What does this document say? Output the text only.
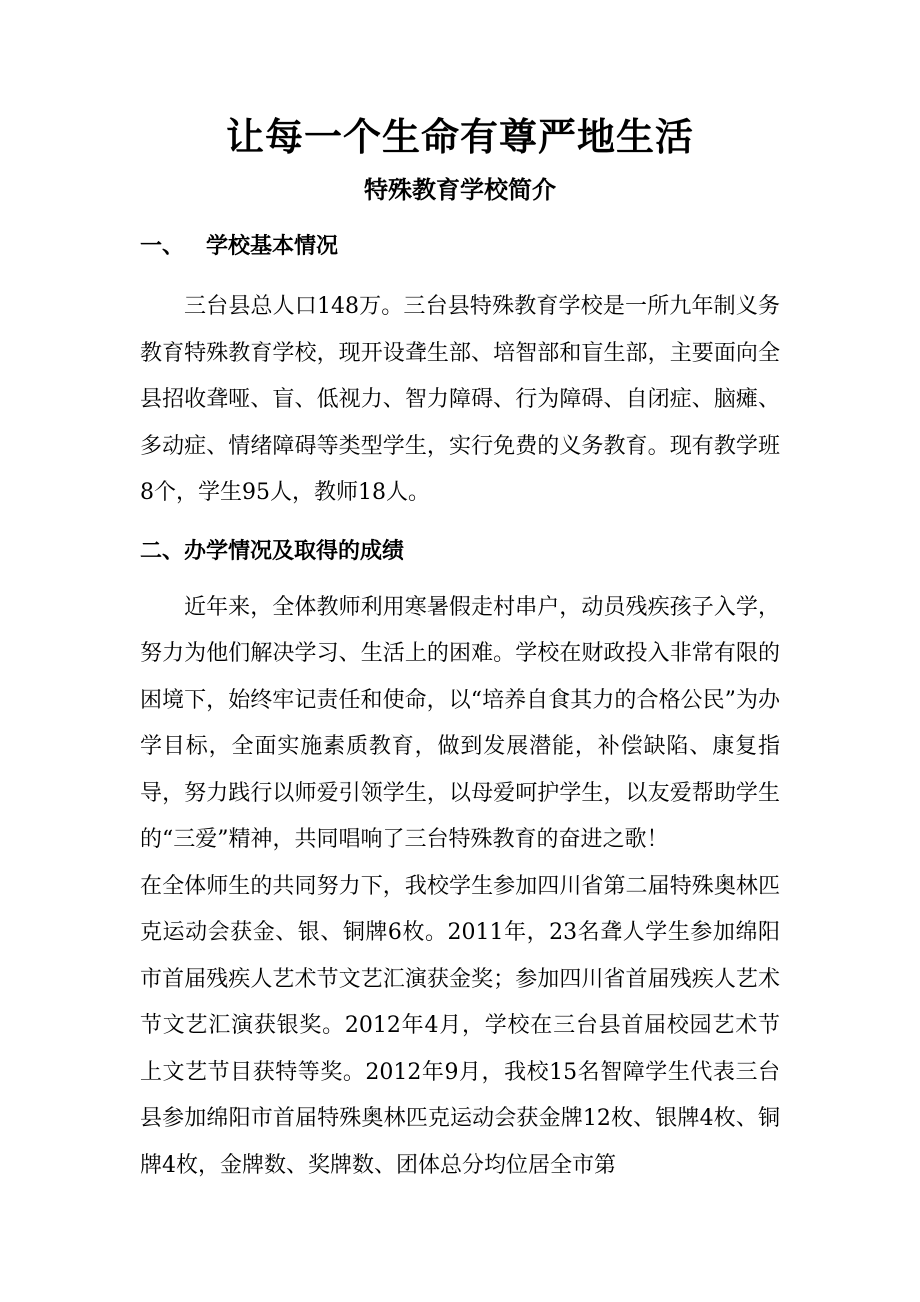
让每一个生命有尊严地生活
特殊教育学校简介
一、 学校基本情况

三台县总人口148万。三台县特殊教育学校是一所九年制义务教育特殊教育学校，现开设聋生部、培智部和盲生部，主要面向全县招收聋哑、盲、低视力、智力障碍、行为障碍、自闭症、脑瘫、多动症、情绪障碍等类型学生，实行免费的义务教育。现有教学班8个，学生95人，教师18人。

二、 办学情况及取得的成绩

近年来，全体教师利用寒暑假走村串户，动员残疾孩子入学，努力为他们解决学习、生活上的困难。学校在财政投入非常有限的困境下，始终牢记责任和使命，以“培养自食其力的合格公民”为办学目标，全面实施素质教育，做到发展潜能，补偿缺陷、康复指导，努力践行以师爱引领学生，以母爱呵护学生，以友爱帮助学生的“三爱”精神，共同唱响了三台特殊教育的奋进之歌！

在全体师生的共同努力下，我校学生参加四川省第二届特殊奥林匹克运动会获金、银、铜牌6枚。2011年，23名聋人学生参加绵阳市首届残疾人艺术节文艺汇演获金奖；参加四川省首届残疾人艺术节文艺汇演获银奖。2012年4月，学校在三台县首届校园艺术节上文艺节目获特等奖。2012年9月，我校15名智障学生代表三台县参加绵阳市首届特殊奥林匹克运动会获金牌12枚、银牌4枚、铜牌4枚，金牌数、奖牌数、团体总分均位居全市第
